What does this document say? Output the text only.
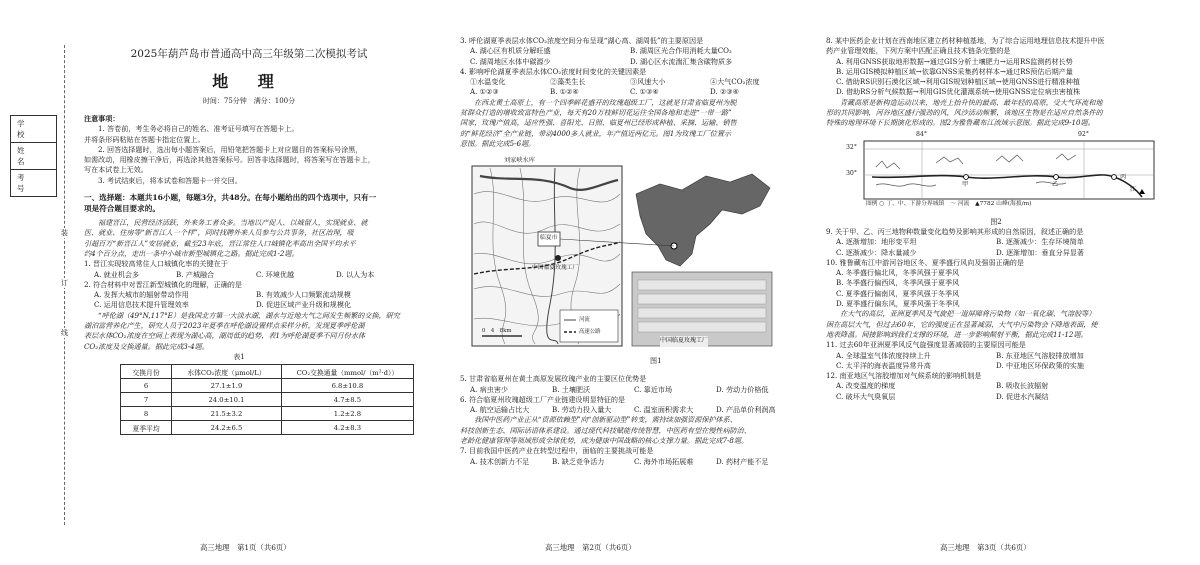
学　校
姓　名
考　号
装
订
线
2025年葫芦岛市普通高中高三年级第二次模拟考试
地 理
时间：75分钟　满分：100分
注意事项：
1. 答卷前，考生务必将自己的姓名、准考证号填写在答题卡上。
并将条形码粘贴在答题卡指定位置上。
2. 回答选择题时，选出每小题答案后，用铅笔把答题卡上对应题目的答案标号涂黑，
如需改动，用橡皮擦干净后，再选涂其他答案标号。回答非选择题时，将答案写在答题卡上，
写在本试卷上无效。
3. 考试结束后，将本试卷和答题卡一并交回。
一、选择题：本题共16小题，每题3分，共48分。在每小题给出的四个选项中，只有一
项是符合题目要求的。
福建晋江，民营经济活跃，外来务工者众多。当地以产促人、以城留人，实现就业、就
医、就业、住房等“新晋江人一个样”，同时找聘外来人员参与公共事务，社区治理，吸
引超百万“新晋江人”安居就业，截至23年底，晋江常住人口城镇化率高出全国平均水平
约4个百分点，走出一条中小城市新型城镇化之路。据此完成1-2题。
1. 晋江实现较高常住人口城镇化率的关键在于
A. 就业机会多	B. 产城融合	C. 环境优越	D. 以人为本
2. 符合材料中对晋江新型城镇化的理解，正确的是
A. 发挥大城市的辐射带动作用	B. 有效减少人口频繁流动规模
C. 运用信息技术提升管理效率	D. 促进区域产业升级和规模化
“呼伦湖（49°N,117°E）是我国北方第一大淡水湖，湖水与近地大气之间发生频繁的交换，研究
湖泊富营养化产生，研究人员于2023年夏季在呼伦湖设置样点采样分析，发现夏季呼伦湖
表层水体CO₂浓度在空间上表现为湖心高，湖周低的趋势，表1为呼伦湖夏季不同月份水体
CO₂浓度及交换通量。据此完成3-4题。
表1
交换月份	水体CO₂浓度（μmol/L）	CO₂交换通量（mmol/（m²·d））
6	27.1±1.9	6.8±10.8
7	24.0±10.1	4.7±8.5
8	21.5±3.2	1.2±2.8
夏季平均	24.2±6.5	4.2±8.3
高三地理　第1页（共6页）
3. 呼伦湖夏季表层水体CO₂浓度空间分布呈现“湖心高、湖周低”的主要原因是
A. 湖心区有机质分解旺盛	B. 湖周区光合作用消耗大量CO₂
C. 湖周地区水体中碳源少	D. 湖心区水流湍汇集含碳物质多
4. 影响呼伦湖夏季表层水体CO₂浓度时间变化的关键因素是
①水温变化	②藻类生长	③风速大小	④大气CO₂浓度
A. ①②③	B. ①②④	C. ①③④	D. ②③④
在西北黄土高原上，有一个四季鲜花盛开的玫瑰超级工厂，这就是甘肃省临夏州为脱
贫群众打造的增收致富特色产业，每天有20万枝鲜切花运往全国各地和走进“一带一路”
国家，玫瑰产值高，适应性强、喜阳光、日照、临夏州已经形成种植、采摘、运输、销售
的“鲜花经济”全产业链，带动4000多人就业，年产值近两亿元。图1为玫瑰工厂位置示
意图。据此完成5-6题。
刘家峡水库
临夏市
中国临夏玫瑰工厂
中国临夏玫瑰工厂
河流
高速公路
0　4　8km
图1
5. 甘肃省临夏州在黄土高原发展玫瑰产业的主要区位优势是
A. 病虫害少	B. 土壤肥沃	C. 靠近市场	D. 劳动力价格低
6. 符合临夏州玫瑰超级工厂产业链建设明显特征的是
A. 航空运输占比大	B. 劳动力投入量大	C. 温室面积需求大	D. 产品单价利润高
我国中医药产业正从“资源依赖型”向“创新驱动型”转变，需持续加强资源保护体系、
科技创新生态、国际话语体系建设。通过现代科技赋能传统智慧，中医药有望在慢性病防治、
老龄化健康管理等领域形成全球优势，成为健康中国战略的核心支撑力量。据此完成7-8题。
7. 目前我国中医药产业在转型过程中，面临的主要挑战可能是
A. 技术创新力不足	B. 缺乏竞争活力	C. 海外市场拓展难	D. 药材产能不足
高三地理　第2页（共6页）
8. 某中医药企业计划在西南地区建立药材种植基地，为了综合运用地理信息技术提升中医
药产业管理效能，下列方案中匹配正确且技术链条完整的是
A. 利用GNSS获取地形数据→通过GIS分析土壤肥力→运用RS监测药材长势
B. 运用GIS模拟种植区域→依靠GNSS采集药材样本→通过RS预估后期产量
C. 借助RS识别石漠化区域→利用GIS规划种植区域→使用GNSS进行精准种植
D. 借助RS分析气候数据→利用GIS优化灌溉系统→使用GNSS定位病虫害植株
青藏高原是新构造运动以来，地壳上抬升快的最高、最年轻的高原，受大气环流和地
形的共同影响，河谷地区盛行强劲的风，风沙活动频繁，该地区生物是在适应自然条件的
特殊的地理环境下长期演化形成的。图2为雅鲁藏布江流域示意图。据此完成9-10题。
84°	92°
32°
30°
甲	乙
丙
江
图例 ○ 丁、中、下游分界城镇　～ 河流　▲7782 山峰(海拔/m)
图2
9. 关于甲、乙、丙三地物种数量变化趋势及影响其形成的自然原因，叙述正确的是
A. 逐渐增加：地形变平坦	B. 逐渐减少：生存环境简单
C. 逐渐减少：降水量减少	D. 逐渐增加：垂直分异显著
10. 雅鲁藏布江中游河谷地区冬、夏季盛行风向及强弱正确的是
A. 冬季盛行偏北风，冬季风强于夏季风
B. 冬季盛行偏西风，冬季风强于夏季风
C. 夏季盛行偏南风，夏季风强于冬季风
D. 夏季盛行偏东风，夏季风强于冬季风
在大气的高层，亚洲夏季风及气旋把一道屏障将污染物（如一氧化碳、气溶胶等）
困在高层大气，但过去60年，它的强度正在显著减弱，大气中污染物会下降地表面，使
地表降温。间接影响到我们支撑的环境，进一步影响颠射平衡，据此完成11-12题。
11. 过去60年亚洲夏季风反气旋强度显著减弱的主要原因可能是
A. 全球温室气体浓度持续上升	B. 东亚地区气溶胶排放增加
C. 太平洋的海表温度异常升高	D. 中亚地区环保政策的实施
12. 南亚地区气溶胶增加对气候系统的影响机制是
A. 改变温度的梯度	B. 吸收长波辐射
C. 破坏大气臭氧层	D. 促进水汽凝结
高三地理　第3页（共6页）
